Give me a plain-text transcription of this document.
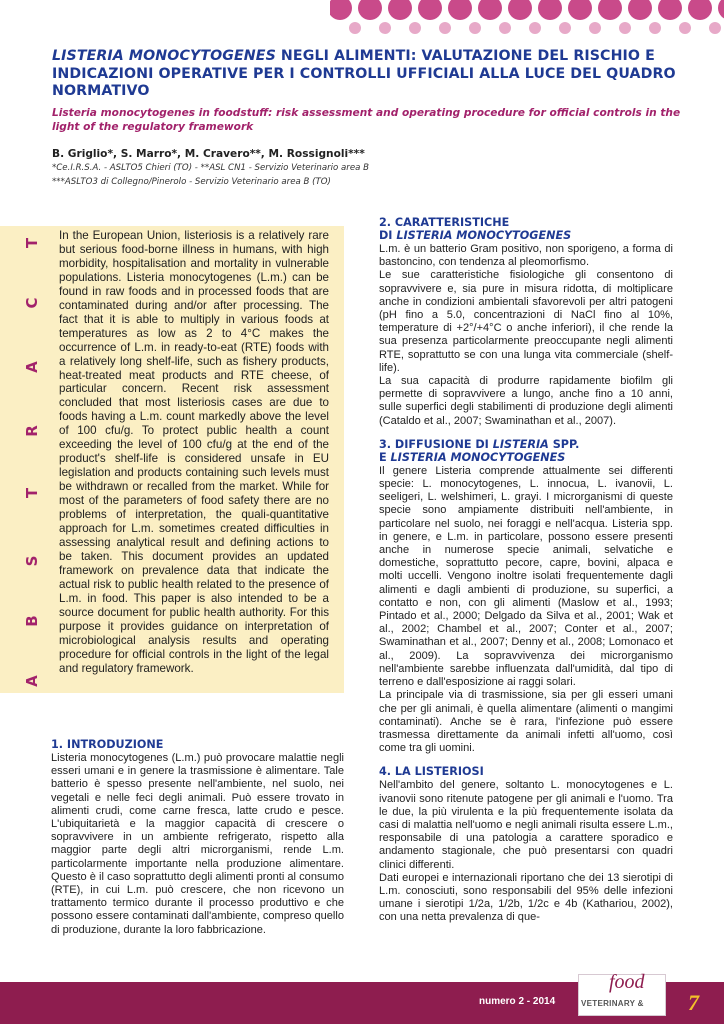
LISTERIA MONOCYTOGENES NEGLI ALIMENTI: VALUTAZIONE DEL RISCHIO E INDICAZIONI OPERATIVE PER I CONTROLLI UFFICIALI ALLA LUCE DEL QUADRO NORMATIVO
Listeria monocytogenes in foodstuff: risk assessment and operating procedure for official controls in the light of the regulatory framework
B. Griglio*, S. Marro*, M. Cravero**, M. Rossignoli***
*Ce.I.R.S.A. - ASLTO5 Chieri (TO) - **ASL CN1 - Servizio Veterinario area B
***ASLTO3 di Collegno/Pinerolo - Servizio Veterinario area B (TO)
A
B
S
T
R
A
C
T

In the European Union, listeriosis is a relatively rare but serious food-borne illness in humans, with high morbidity, hospitalisation and mortality in vulnerable populations. Listeria monocytogenes (L.m.) can be found in raw foods and in processed foods that are contaminated during and/or after processing. The fact that it is able to multiply in various foods at temperatures as low as 2 to 4°C makes the occurrence of L.m. in ready-to-eat (RTE) foods with a relatively long shelf-life, such as fishery products, heat-treated meat products and RTE cheese, of particular concern. Recent risk assessment concluded that most listeriosis cases are due to foods having a L.m. count markedly above the level of 100 cfu/g. To protect public health a count exceeding the level of 100 cfu/g at the end of the product's shelf-life is considered unsafe in EU legislation and products containing such levels must be withdrawn or recalled from the market. While for most of the parameters of food safety there are no problems of interpretation, the quali-quantitative approach for L.m. sometimes created difficulties in assessing analytical result and defining actions to be taken. This document provides an updated framework on prevalence data that indicate the actual risk to public health related to the presence of L.m. in food. This paper is also intended to be a source document for public health authority. For this purpose it provides guidance on interpretation of microbiological analysis results and operating procedure for official controls in the light of the legal and regulatory framework.

1. INTRODUZIONE

Listeria monocytogenes (L.m.) può provocare malattie negli esseri umani e in genere la trasmissione è alimentare. Tale batterio è spesso presente nell'ambiente, nel suolo, nei vegetali e nelle feci degli animali. Può essere trovato in alimenti crudi, come carne fresca, latte crudo e pesce. L'ubiquitarietà e la maggior capacità di crescere o sopravvivere in un ambiente refrigerato, rispetto alla maggior parte degli altri microrganismi, rende L.m. particolarmente importante nella produzione alimentare. Questo è il caso soprattutto degli alimenti pronti al consumo (RTE), in cui L.m. può crescere, che non ricevono un trattamento termico durante il processo produttivo e che possono essere contaminati dall'ambiente, compreso quello di produzione, durante la loro fabbricazione.

2. CARATTERISTICHE
DI LISTERIA MONOCYTOGENES

L.m. è un batterio Gram positivo, non sporigeno, a forma di bastoncino, con tendenza al pleomorfismo.

Le sue caratteristiche fisiologiche gli consentono di sopravvivere e, sia pure in misura ridotta, di moltiplicare anche in condizioni ambientali sfavorevoli per altri patogeni (pH fino a 5.0, concentrazioni di NaCl fino al 10%, temperature di +2°/+4°C o anche inferiori), il che rende la sua presenza particolarmente preoccupante negli alimenti RTE, soprattutto se con una lunga vita commerciale (shelf-life).

La sua capacità di produrre rapidamente biofilm gli permette di sopravvivere a lungo, anche fino a 10 anni, sulle superfici degli stabilimenti di produzione degli alimenti (Cataldo et al., 2007; Swaminathan et al., 2007).

3. DIFFUSIONE DI LISTERIA SPP.
E LISTERIA MONOCYTOGENES

Il genere Listeria comprende attualmente sei differenti specie: L. monocytogenes, L. innocua, L. ivanovii, L. seeligeri, L. welshimeri, L. grayi. I microrganismi di queste specie sono ampiamente distribuiti nell'ambiente, in particolare nel suolo, nei foraggi e nell'acqua. Listeria spp. in genere, e L.m. in particolare, possono essere presenti anche in numerose specie animali, selvatiche e domestiche, soprattutto pecore, capre, bovini, alpaca e molti uccelli. Vengono inoltre isolati frequentemente dagli alimenti e dagli ambienti di produzione, su superfici, a contatto e non, con gli alimenti (Maslow et al., 1993; Pintado et al., 2000; Delgado da Silva et al., 2001; Wak et al., 2002; Chambel et al., 2007; Conter et al., 2007; Swaminathan et al., 2007; Denny et al., 2008; Lomonaco et al., 2009). La sopravvivenza dei microrganismo nell'ambiente sarebbe influenzata dall'umidità, dal tipo di terreno e dall'esposizione ai raggi solari.

La principale via di trasmissione, sia per gli esseri umani che per gli animali, è quella alimentare (alimenti o mangimi contaminati). Anche se è rara, l'infezione può essere trasmessa direttamente da animali infetti all'uomo, così come tra gli uomini.

4. LA LISTERIOSI

Nell'ambito del genere, soltanto L. monocytogenes e L. ivanovii sono ritenute patogene per gli animali e l'uomo. Tra le due, la più virulenta e la più frequentemente isolata da casi di malattia nell'uomo e negli animali risulta essere L.m., responsabile di una patologia a carattere sporadico e andamento stagionale, che può presentarsi con quadri clinici differenti.

Dati europei e internazionali riportano che dei 13 sierotipi di L.m. conosciuti, sono responsabili del 95% delle infezioni umane i sierotipi 1/2a, 1/2b, 1/2c e 4b (Kathariou, 2002), con una netta prevalenza di que-

numero 2 - 2014
food
VETERINARY & 7
